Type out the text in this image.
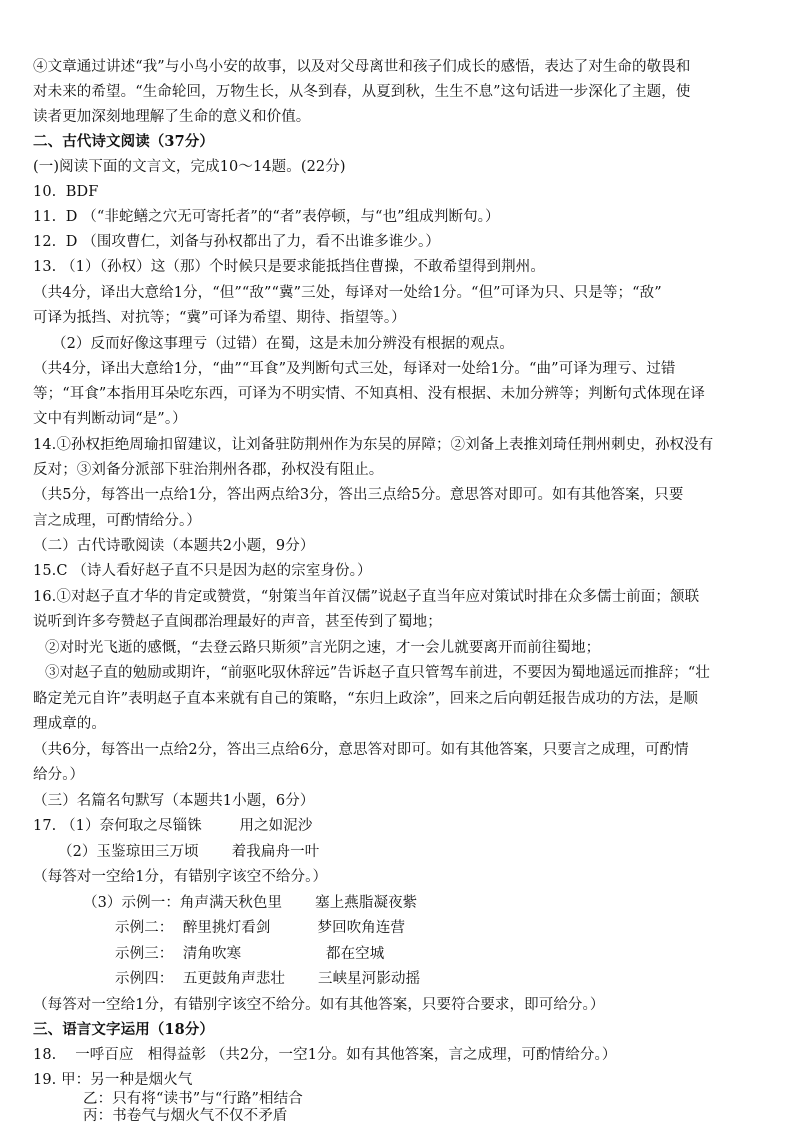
④文章通过讲述“我”与小鸟小安的故事，以及对父母离世和孩子们成长的感悟，表达了对生命的敬畏和
对未来的希望。“生命轮回，万物生长，从冬到春，从夏到秋，生生不息”这句话进一步深化了主题，使
读者更加深刻地理解了生命的意义和价值。
二、古代诗文阅读（37分）
(一)阅读下面的文言文，完成10～14题。(22分)
10.  BDF
11.  D （“非蛇鳝之穴无可寄托者”的“者”表停顿，与“也”组成判断句。）
12.  D （围攻曹仁，刘备与孙权都出了力，看不出谁多谁少。）
13. （1）（孙权）这（那）个时候只是要求能抵挡住曹操，不敢希望得到荆州。
（共4分，译出大意给1分，“但”“敌”“冀”三处，每译对一处给1分。“但”可译为只、只是等；“敌”
可译为抵挡、对抗等；“冀”可译为希望、期待、指望等。）
（2）反而好像这事理亏（过错）在蜀，这是未加分辨没有根据的观点。
（共4分，译出大意给1分，“曲”“耳食”及判断句式三处，每译对一处给1分。“曲”可译为理亏、过错
等；“耳食”本指用耳朵吃东西，可译为不明实情、不知真相、没有根据、未加分辨等；判断句式体现在译
文中有判断动词“是”。）
14.①孙权拒绝周瑜扣留建议，让刘备驻防荆州作为东吴的屏障；②刘备上表推刘琦任荆州刺史，孙权没有
反对；③刘备分派部下驻治荆州各郡，孙权没有阻止。
（共5分，每答出一点给1分，答出两点给3分，答出三点给5分。意思答对即可。如有其他答案，只要
言之成理，可酌情给分。）
（二）古代诗歌阅读（本题共2小题，9分）
15.C （诗人看好赵子直不只是因为赵的宗室身份。）
16.①对赵子直才华的肯定或赞赏，“射策当年首汉儒”说赵子直当年应对策试时排在众多儒士前面；颔联
说听到许多夸赞赵子直闽郡治理最好的声音，甚至传到了蜀地；
②对时光飞逝的感慨，“去登云路只斯须”言光阴之速，才一会儿就要离开而前往蜀地；
③对赵子直的勉励或期许，“前驱叱驭休辞远”告诉赵子直只管驾车前进，不要因为蜀地遥远而推辞；“壮
略定羌元自许”表明赵子直本来就有自己的策略，“东归上政涂”，回来之后向朝廷报告成功的方法，是顺
理成章的。
（共6分，每答出一点给2分，答出三点给6分，意思答对即可。如有其他答案，只要言之成理，可酌情
给分。）
（三）名篇名句默写（本题共1小题，6分）
17. （1）奈何取之尽锱铢        用之如泥沙
（2）玉鉴琼田三万顷       着我扁舟一叶
（每答对一空给1分，有错别字该空不给分。）
（3）示例一：角声满天秋色里       塞上燕脂凝夜紫
示例二：  醉里挑灯看剑          梦回吹角连营
示例三：  清角吹寒                  都在空城
示例四：  五更鼓角声悲壮       三峡星河影动摇
（每答对一空给1分，有错别字该空不给分。如有其他答案，只要符合要求，即可给分。）
三、语言文字运用（18分）
18.    一呼百应   相得益彰 （共2分，一空1分。如有其他答案，言之成理，可酌情给分。）
19. 甲：另一种是烟火气
乙：只有将“读书”与“行路”相结合
丙：书卷气与烟火气不仅不矛盾
